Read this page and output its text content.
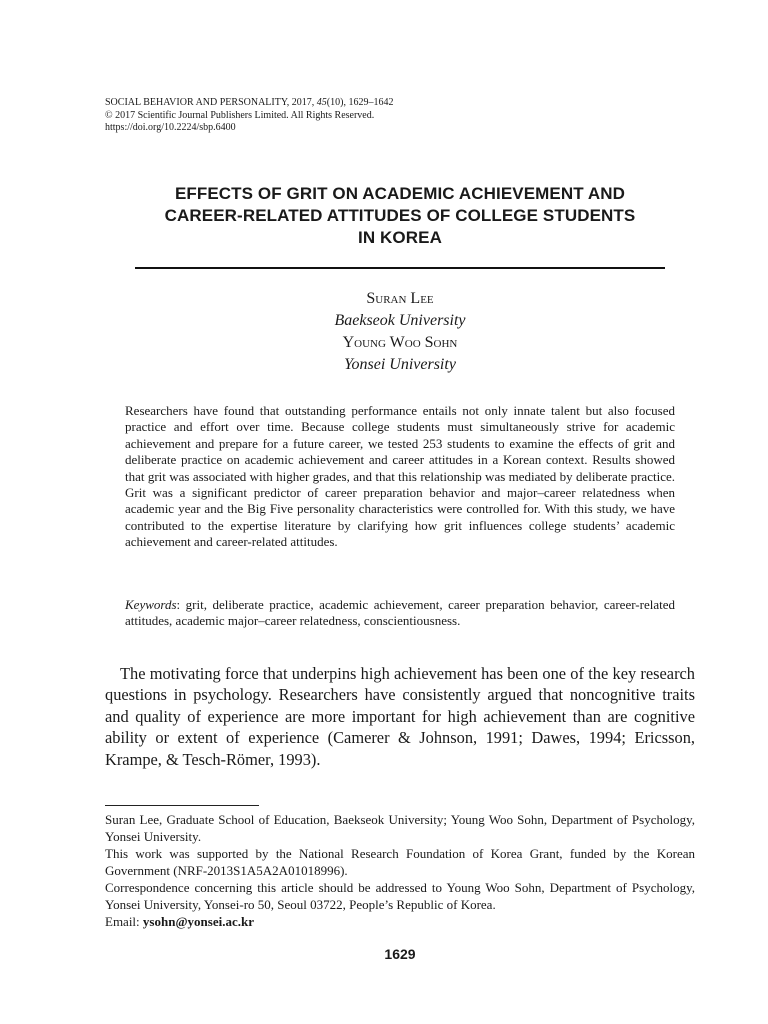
SOCIAL BEHAVIOR AND PERSONALITY, 2017, 45(10), 1629–1642
© 2017 Scientific Journal Publishers Limited. All Rights Reserved.
https://doi.org/10.2224/sbp.6400
EFFECTS OF GRIT ON ACADEMIC ACHIEVEMENT AND
CAREER-RELATED ATTITUDES OF COLLEGE STUDENTS
IN KOREA
Suran Lee
Baekseok University
Young Woo Sohn
Yonsei University
Researchers have found that outstanding performance entails not only innate talent but also focused practice and effort over time. Because college students must simultaneously strive for academic achievement and prepare for a future career, we tested 253 students to examine the effects of grit and deliberate practice on academic achievement and career attitudes in a Korean context. Results showed that grit was associated with higher grades, and that this relationship was mediated by deliberate practice. Grit was a significant predictor of career preparation behavior and major–career relatedness when academic year and the Big Five personality characteristics were controlled for. With this study, we have contributed to the expertise literature by clarifying how grit influences college students’ academic achievement and career-related attitudes.
Keywords: grit, deliberate practice, academic achievement, career preparation behavior, career-related attitudes, academic major–career relatedness, conscientiousness.
The motivating force that underpins high achievement has been one of the key research questions in psychology. Researchers have consistently argued that noncognitive traits and quality of experience are more important for high achievement than are cognitive ability or extent of experience (Camerer & Johnson, 1991; Dawes, 1994; Ericsson, Krampe, & Tesch-Römer, 1993).

Suran Lee, Graduate School of Education, Baekseok University; Young Woo Sohn, Department of Psychology, Yonsei University.

This work was supported by the National Research Foundation of Korea Grant, funded by the Korean Government (NRF-2013S1A5A2A01018996).

Correspondence concerning this article should be addressed to Young Woo Sohn, Department of Psychology, Yonsei University, Yonsei-ro 50, Seoul 03722, People’s Republic of Korea.

Email: ysohn@yonsei.ac.kr

1629
